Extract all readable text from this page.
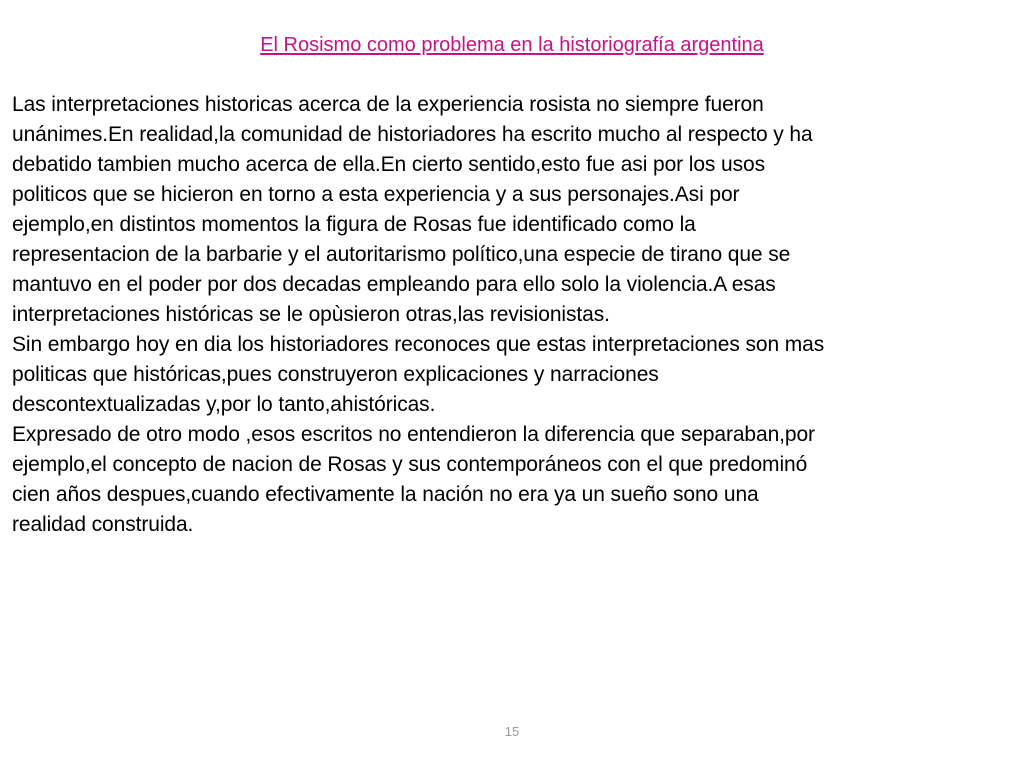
El Rosismo como problema en la historiografía argentina
Las interpretaciones historicas acerca de la experiencia rosista no siempre fueron
unánimes.En realidad,la comunidad de historiadores ha escrito mucho al respecto y ha
debatido tambien mucho acerca de ella.En cierto sentido,esto fue asi por los usos
politicos que se hicieron en torno a esta experiencia y a sus personajes.Asi por
ejemplo,en distintos momentos la figura de Rosas fue identificado como la
representacion de la barbarie y el autoritarismo político,una especie de tirano que se
mantuvo en el poder por dos decadas empleando para ello solo la violencia.A esas
interpretaciones históricas se le opùsieron otras,las revisionistas.
Sin embargo hoy en dia los historiadores reconoces que estas interpretaciones son mas
politicas que históricas,pues construyeron explicaciones y narraciones
descontextualizadas y,por lo tanto,ahistóricas.
Expresado de otro modo ,esos escritos no entendieron la diferencia que separaban,por
ejemplo,el concepto de nacion de Rosas y sus contemporáneos con el que predominó
cien años despues,cuando efectivamente la nación no era ya un sueño sono una
realidad construida.
15
